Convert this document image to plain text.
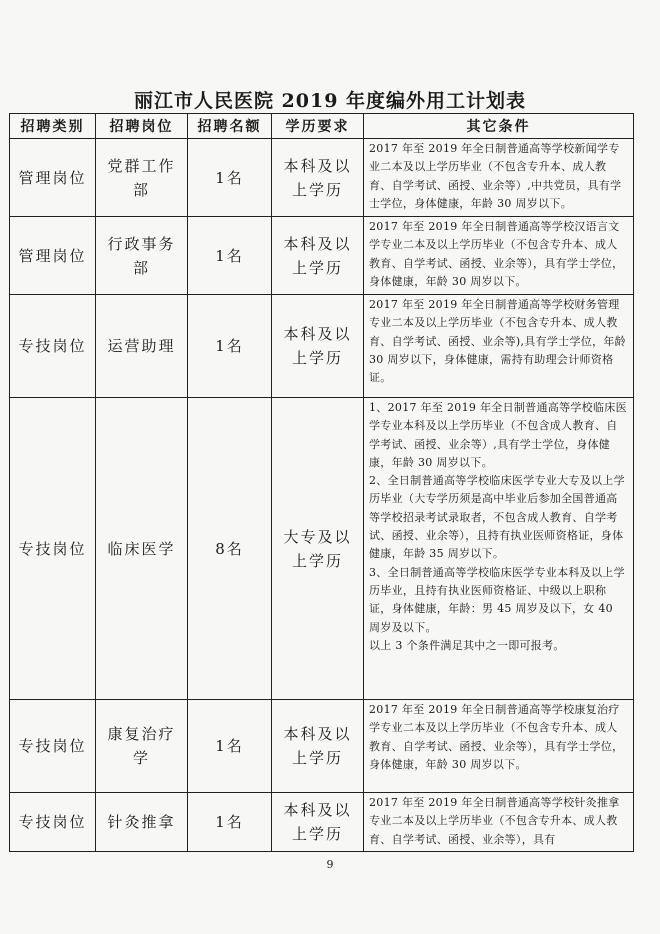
丽江市人民医院 2019 年度编外用工计划表
招聘类别	招聘岗位	招聘名额	学历要求	其它条件
管理岗位	党群工作部	1名	本科及以上学历	2017 年至 2019 年全日制普通高等学校新闻学专业二本及以上学历毕业（不包含专升本、成人教育、自学考试、函授、业余等）,中共党员，具有学士学位，身体健康，年龄 30 周岁以下。

管理岗位	行政事务部	1名	本科及以上学历	2017 年至 2019 年全日制普通高等学校汉语言文学专业二本及以上学历毕业（不包含专升本、成人教育、自学考试、函授、业余等），具有学士学位，身体健康，年龄 30 周岁以下。

专技岗位	运营助理	1名	本科及以上学历	2017 年至 2019 年全日制普通高等学校财务管理专业二本及以上学历毕业（不包含专升本、成人教育、自学考试、函授、业余等),具有学士学位，年龄 30 周岁以下，身体健康，需持有助理会计师资格证。

专技岗位	临床医学	8名	大专及以上学历	1、2017 年至 2019 年全日制普通高等学校临床医学专业本科及以上学历毕业（不包含成人教育、自学考试、函授、业余等）,具有学士学位，身体健康，年龄 30 周岁以下。
2、全日制普通高等学校临床医学专业大专及以上学历毕业（大专学历须是高中毕业后参加全国普通高等学校招录考试录取者，不包含成人教育、自学考试、函授、业余等），且持有执业医师资格证，身体健康，年龄 35 周岁以下。
3、全日制普通高等学校临床医学专业本科及以上学历毕业，且持有执业医师资格证、中级以上职称证，身体健康，年龄：男 45 周岁及以下，女 40 周岁及以下。
以上 3 个条件满足其中之一即可报考。

专技岗位	康复治疗学	1名	本科及以上学历	2017 年至 2019 年全日制普通高等学校康复治疗学专业二本及以上学历毕业（不包含专升本、成人教育、自学考试、函授、业余等），具有学士学位，身体健康，年龄 30 周岁以下。

专技岗位	针灸推拿	1名	本科及以上学历	2017 年至 2019 年全日制普通高等学校针灸推拿专业二本及以上学历毕业（不包含专升本、成人教育、自学考试、函授、业余等），具有
9
